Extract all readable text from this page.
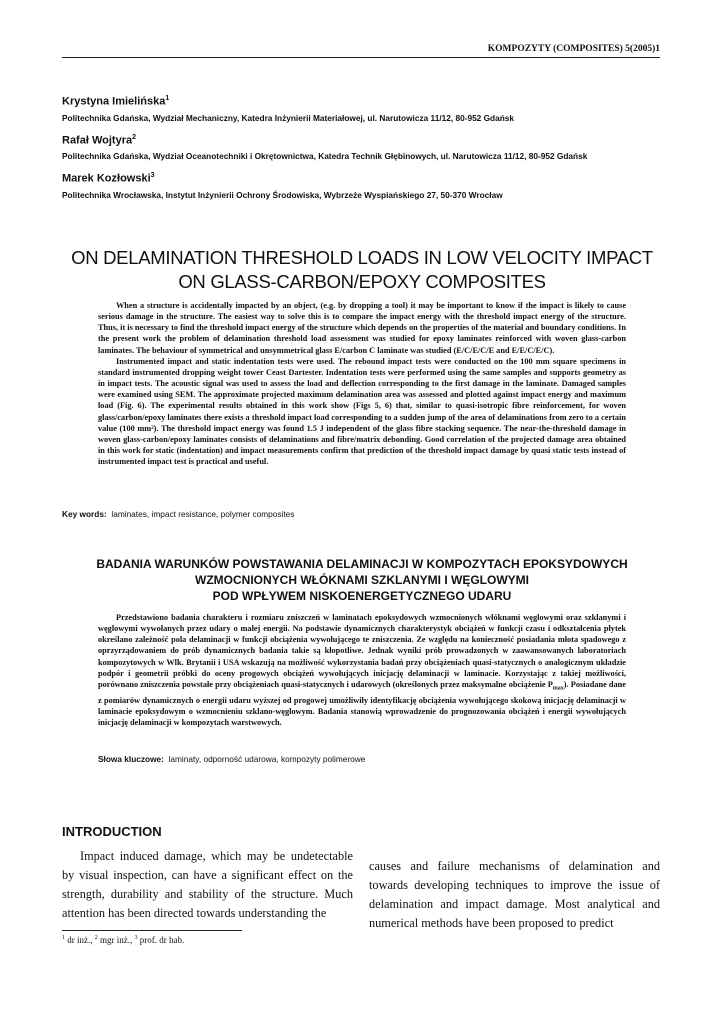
KOMPOZYTY (COMPOSITES) 5(2005)1
Krystyna Imielińska$^1$
Politechnika Gdańska, Wydział Mechaniczny, Katedra Inżynierii Materiałowej, ul. Narutowicza 11/12, 80-952 Gdańsk
Rafał Wojtyra$^2$
Politechnika Gdańska, Wydział Oceanotechniki i Okrętownictwa, Katedra Technik Głębinowych, ul. Narutowicza 11/12, 80-952 Gdańsk
Marek Kozłowski$^3$
Politechnika Wrocławska, Instytut Inżynierii Ochrony Środowiska, Wybrzeże Wyspiańskiego 27, 50-370 Wrocław
ON DELAMINATION THRESHOLD LOADS IN LOW VELOCITY IMPACT
ON GLASS-CARBON/EPOXY COMPOSITES

When a structure is accidentally impacted by an object, (e.g. by dropping a tool) it may be important to know if the impact is likely to cause serious damage in the structure. The easiest way to solve this is to compare the impact energy with the threshold impact energy of the structure. Thus, it is necessary to find the threshold impact energy of the structure which depends on the properties of the material and boundary conditions. In the present work the problem of delamination threshold load assessment was studied for epoxy laminates reinforced with woven glass-carbon laminates. The behaviour of symmetrical and unsymmetrical glass E/carbon C laminate was studied (E/C/E/C/E and E/E/C/E/C).

Instrumented impact and static indentation tests were used. The rebound impact tests were conducted on the 100 mm square specimens in standard instrumented dropping weight tower Ceast Dartester. Indentation tests were performed using the same samples and supports geometry as in impact tests. The acoustic signal was used to assess the load and deflection corresponding to the first damage in the laminate. Damaged samples were examined using SEM. The approximate projected maximum delamination area was assessed and plotted against impact energy and maximum load (Fig. 6). The experimental results obtained in this work show (Figs 5, 6) that, similar to quasi-isotropic fibre reinforcement, for woven glass/carbon/epoxy laminates there exists a threshold impact load corresponding to a sudden jump of the area of delaminations from zero to a certain value (100 mm²). The threshold impact energy was found 1.5 J independent of the glass fibre stacking sequence. The near-the-threshold damage in woven glass-carbon/epoxy laminates consists of delaminations and fibre/matrix debonding. Good correlation of the projected damage area obtained in this work for static (indentation) and impact measurements confirm that prediction of the threshold impact damage by quasi static tests instead of instrumented impact test is practical and useful.

Key words: laminates, impact resistance, polymer composites
BADANIA WARUNKÓW POWSTAWANIA DELAMINACJI W KOMPOZYTACH EPOKSYDOWYCH
WZMOCNIONYCH WŁÓKNAMI SZKLANYMI I WĘGLOWYMI
POD WPŁYWEM NISKOENERGETYCZNEGO UDARU

Przedstawiono badania charakteru i rozmiaru zniszczeń w laminatach epoksydowych wzmocnionych włóknami węglowymi oraz szklanymi i węglowymi wywołanych przez udary o małej energii. Na podstawie dynamicznych charakterystyk obciążeń w funkcji czasu i odkształcenia płytek określano zależność pola delaminacji w funkcji obciążenia wywołującego te zniszczenia. Ze względu na konieczność posiadania młota spadowego z oprzyrządowaniem do prób dynamicznych badania takie są kłopotliwe. Jednak wyniki prób prowadzonych w zaawansowanych laboratoriach kompozytowych w Wlk. Brytanii i USA wskazują na możliwość wykorzystania badań przy obciążeniach quasi-statycznych o analogicznym układzie podpór i geometrii próbki do oceny progowych obciążeń wywołujących inicjację delaminacji w laminacie. Korzystając z takiej możliwości, porównano zniszczenia powstałe przy obciążeniach quasi-statycznych i udarowych (określonych przez maksymalne obciążenie $P_{max}$). Posiadane dane z pomiarów dynamicznych o energii udaru wyższej od progowej umożliwiły identyfikację obciążenia wywołującego skokową inicjację delaminacji w laminacie epoksydowym o wzmocnieniu szklano-węglowym. Badania stanowią wprowadzenie do prognozowania obciążeń i energii wywołujących inicjację delaminacji w kompozytach warstwowych.

Słowa kluczowe: laminaty, odporność udarowa, kompozyty polimerowe
INTRODUCTION

Impact induced damage, which may be undetectable by visual inspection, can have a significant effect on the strength, durability and stability of the structure. Much attention has been directed towards understanding the

causes and failure mechanisms of delamination and towards developing techniques to improve the issue of delamination and impact damage. Most analytical and numerical methods have been proposed to predict

$^1$ dr inż., $^2$ mgr inż., $^3$ prof. dr hab.
